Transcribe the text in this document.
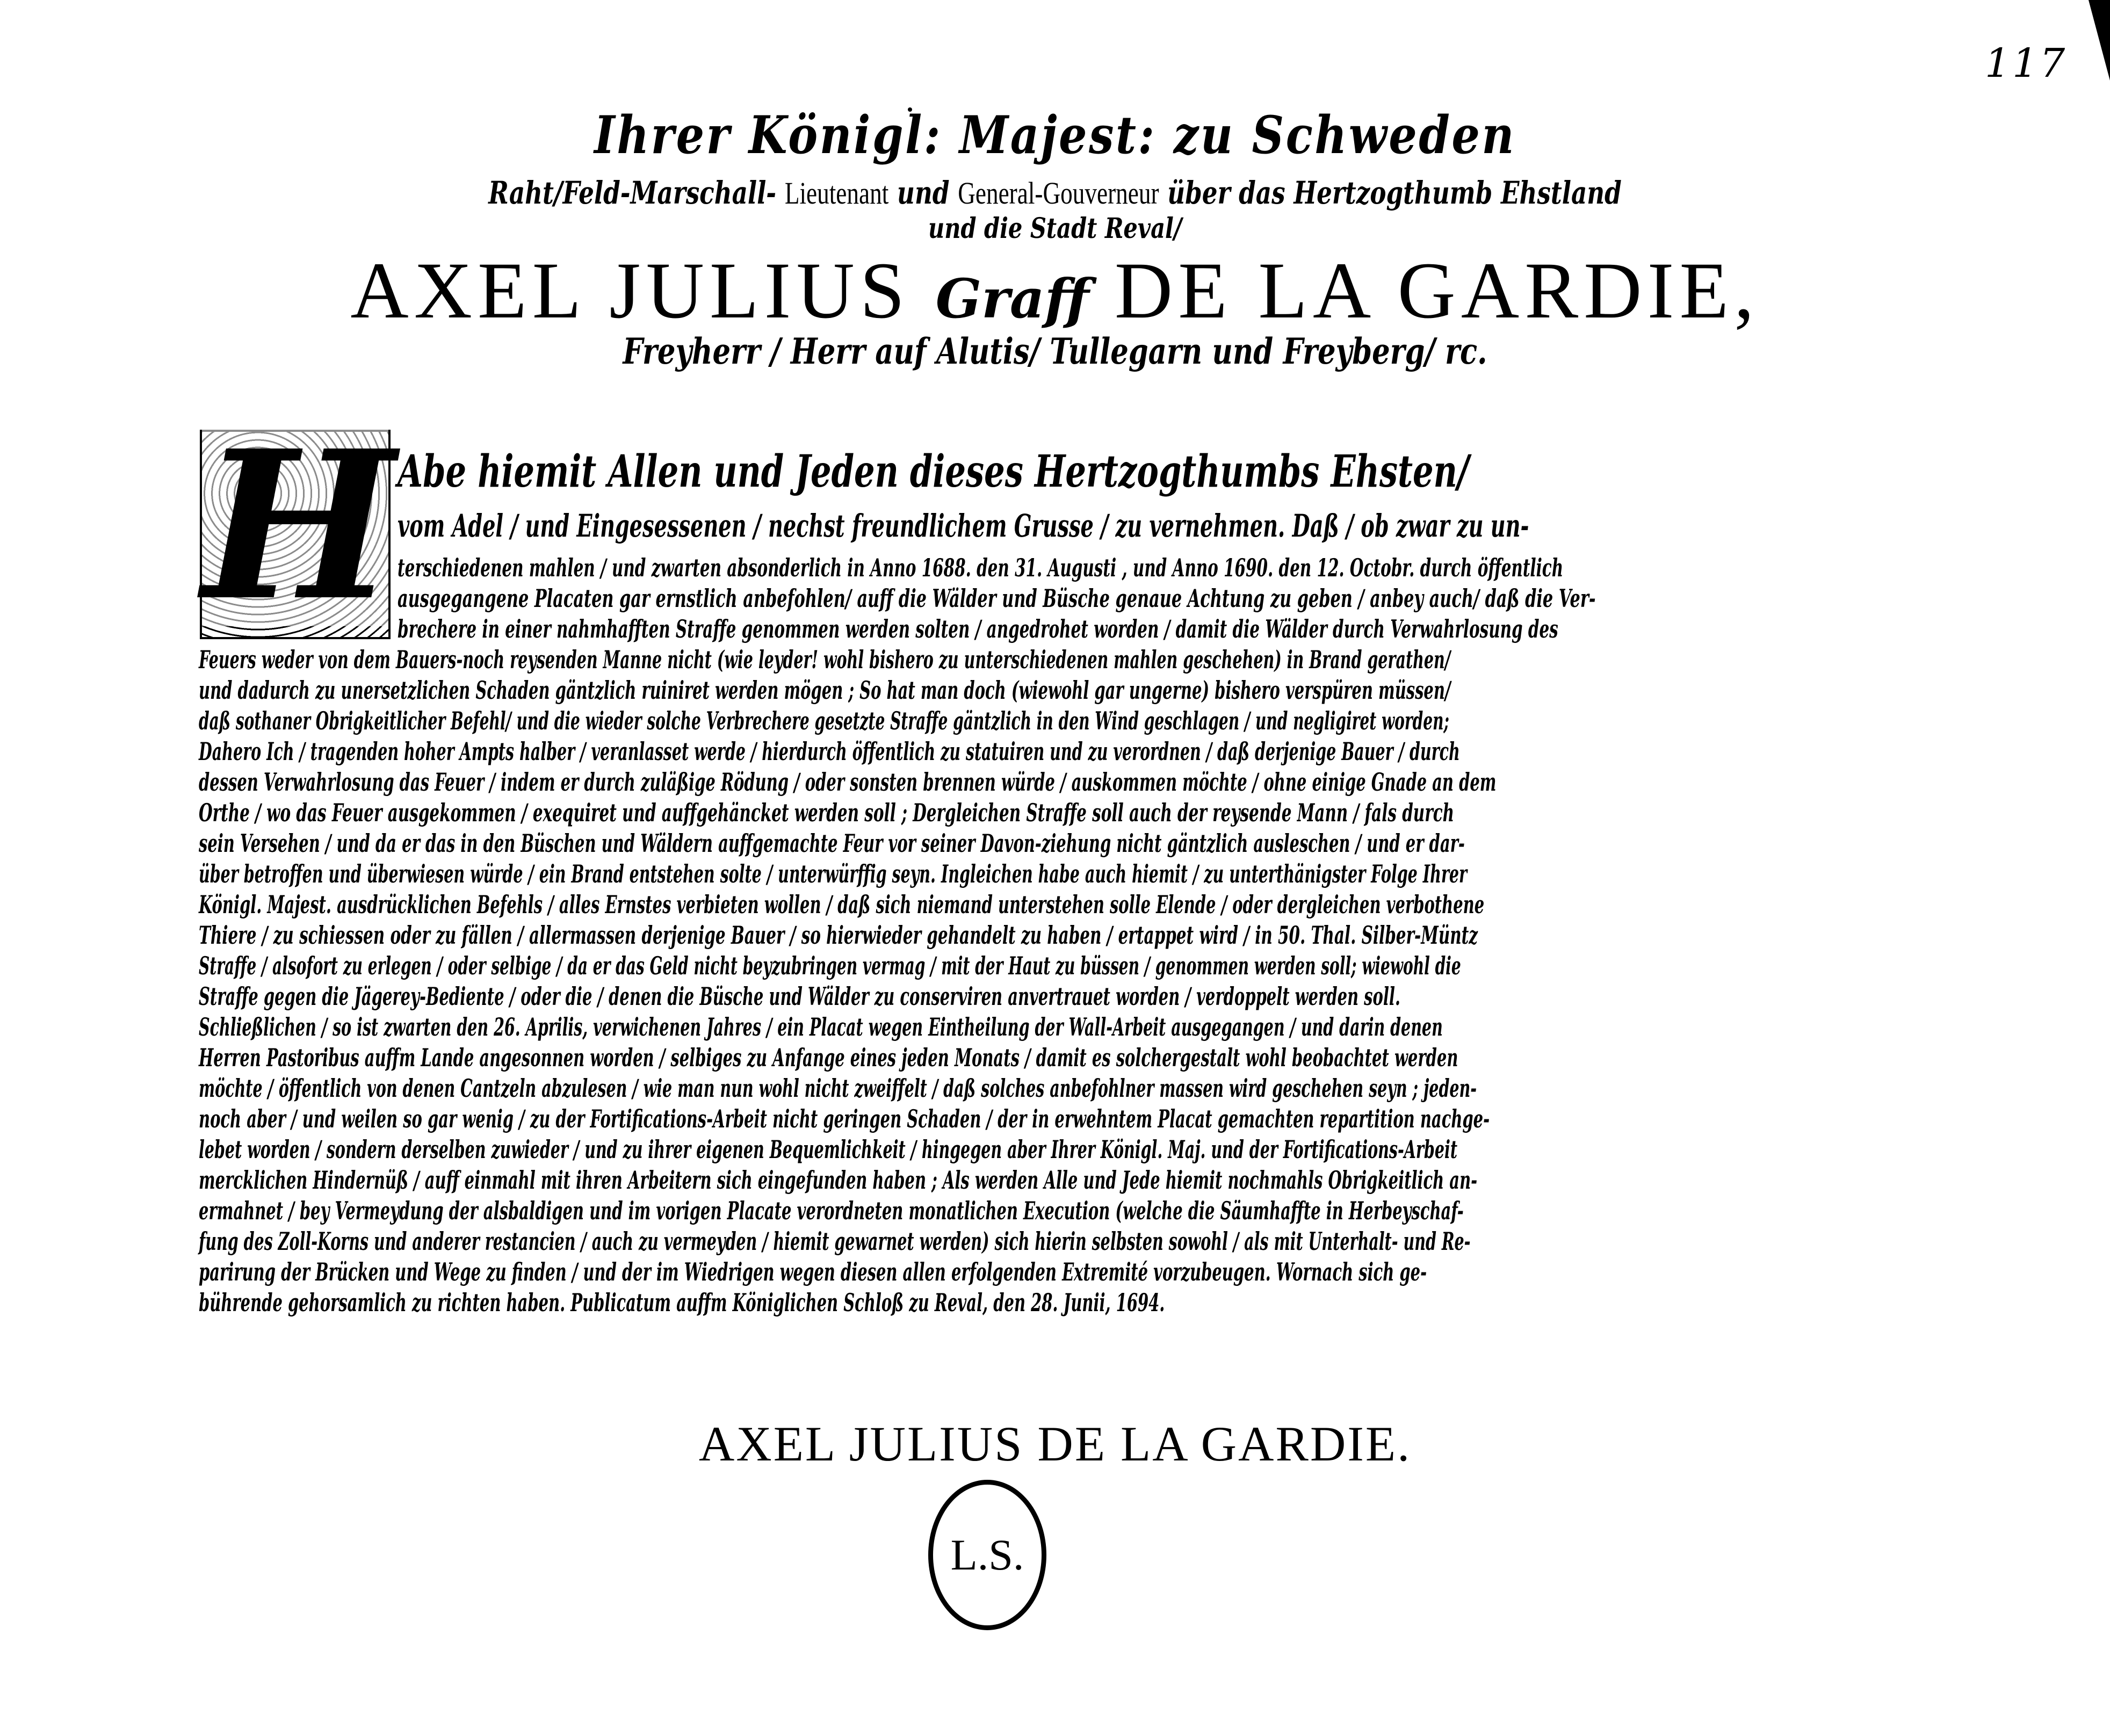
117
Ihrer Königl: Majest: zu Schweden
Raht/Feld-Marschall- Lieutenant und General-Gouverneur über das Hertzogthumb Ehstland
und die Stadt Reval/
AXEL JULIUS Graff DE LA GARDIE,
Freyherr / Herr auf Alutis/ Tullegarn und Freyberg/ rc.
H Abe hiemit Allen und Jeden dieses Hertzogthumbs Ehsten/
vom Adel / und Eingesessenen / nechst freundlichem Grusse / zu vernehmen. Daß / ob zwar zu un-
terschiedenen mahlen / und zwarten absonderlich in Anno 1688. den 31. Augusti , und Anno 1690. den 12. Octobr. durch öffentlich
ausgegangene Placaten gar ernstlich anbefohlen/ auff die Wälder und Büsche genaue Achtung zu geben / anbey auch/ daß die Ver-
brechere in einer nahmhafften Straffe genommen werden solten / angedrohet worden / damit die Wälder durch Verwahrlosung des
Feuers weder von dem Bauers-noch reysenden Manne nicht (wie leyder! wohl bishero zu unterschiedenen mahlen geschehen) in Brand gerathen/
und dadurch zu unersetzlichen Schaden gäntzlich ruiniret werden mögen ; So hat man doch (wiewohl gar ungerne) bishero verspüren müssen/
daß sothaner Obrigkeitlicher Befehl/ und die wieder solche Verbrechere gesetzte Straffe gäntzlich in den Wind geschlagen / und negligiret worden;
Dahero Ich / tragenden hoher Ampts halber / veranlasset werde / hierdurch öffentlich zu statuiren und zu verordnen / daß derjenige Bauer / durch
dessen Verwahrlosung das Feuer / indem er durch zuläßige Rödung / oder sonsten brennen würde / auskommen möchte / ohne einige Gnade an dem
Orthe / wo das Feuer ausgekommen / exequiret und auffgehäncket werden soll ; Dergleichen Straffe soll auch der reysende Mann / fals durch
sein Versehen / und da er das in den Büschen und Wäldern auffgemachte Feur vor seiner Davon-ziehung nicht gäntzlich ausleschen / und er dar-
über betroffen und überwiesen würde / ein Brand entstehen solte / unterwürffig seyn. Ingleichen habe auch hiemit / zu unterthänigster Folge Ihrer
Königl. Majest. ausdrücklichen Befehls / alles Ernstes verbieten wollen / daß sich niemand unterstehen solle Elende / oder dergleichen verbothene
Thiere / zu schiessen oder zu fällen / allermassen derjenige Bauer / so hierwieder gehandelt zu haben / ertappet wird / in 50. Thal. Silber-Müntz
Straffe / alsofort zu erlegen / oder selbige / da er das Geld nicht beyzubringen vermag / mit der Haut zu büssen / genommen werden soll; wiewohl die
Straffe gegen die Jägerey-Bediente / oder die / denen die Büsche und Wälder zu conserviren anvertrauet worden / verdoppelt werden soll.
Schließlichen / so ist zwarten den 26. Aprilis, verwichenen Jahres / ein Placat wegen Eintheilung der Wall-Arbeit ausgegangen / und darin denen
Herren Pastoribus auffm Lande angesonnen worden / selbiges zu Anfange eines jeden Monats / damit es solchergestalt wohl beobachtet werden
möchte / öffentlich von denen Cantzeln abzulesen / wie man nun wohl nicht zweiffelt / daß solches anbefohlner massen wird geschehen seyn ; jeden-
noch aber / und weilen so gar wenig / zu der Fortifications-Arbeit nicht geringen Schaden / der in erwehntem Placat gemachten repartition nachge-
lebet worden / sondern derselben zuwieder / und zu ihrer eigenen Bequemlichkeit / hingegen aber Ihrer Königl. Maj. und der Fortifications-Arbeit
mercklichen Hindernüß / auff einmahl mit ihren Arbeitern sich eingefunden haben ; Als werden Alle und Jede hiemit nochmahls Obrigkeitlich an-
ermahnet / bey Vermeydung der alsbaldigen und im vorigen Placate verordneten monatlichen Execution (welche die Säumhaffte in Herbeyschaf-
fung des Zoll-Korns und anderer restancien / auch zu vermeyden / hiemit gewarnet werden) sich hierin selbsten sowohl / als mit Unterhalt- und Re-
parirung der Brücken und Wege zu finden / und der im Wiedrigen wegen diesen allen erfolgenden Extremité vorzubeugen. Wornach sich ge-
bührende gehorsamlich zu richten haben. Publicatum auffm Königlichen Schloß zu Reval, den 28. Junii, 1694.
AXEL JULIUS DE LA GARDIE.
L.S.
